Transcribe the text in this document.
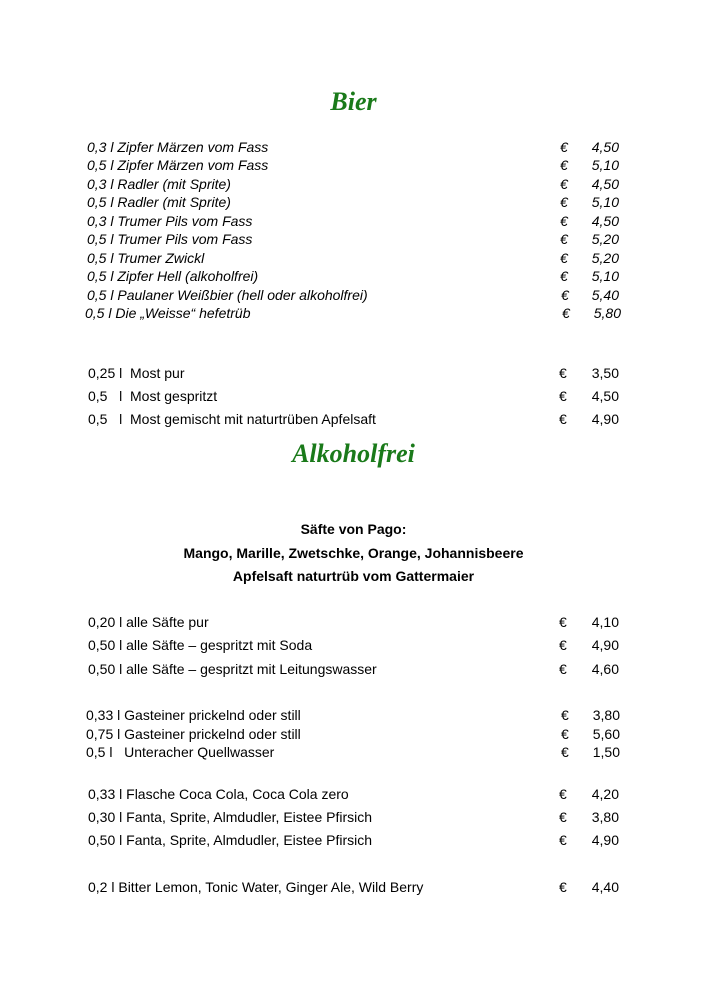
Bier
0,3 l Zipfer Märzen vom Fass	€ 4,50
0,5 l Zipfer Märzen vom Fass	€ 5,10
0,3 l Radler (mit Sprite)	€ 4,50
0,5 l Radler (mit Sprite)	€ 5,10
0,3 l Trumer Pils vom Fass	€ 4,50
0,5 l Trumer Pils vom Fass	€ 5,20
0,5 l Trumer Zwickl	€ 5,20
0,5 l Zipfer Hell (alkoholfrei)	€ 5,10
0,5 l Paulaner Weißbier (hell oder alkoholfrei)	€ 5,40
0,5 l Die „Weisse“ hefetrüb	€ 5,80
0,25 l  Most pur	€ 3,50
0,5   l  Most gespritzt	€ 4,50
0,5   l  Most gemischt mit naturtrüben Apfelsaft	€ 4,90
Alkoholfrei

Säfte von Pago:

Mango, Marille, Zwetschke, Orange, Johannisbeere

Apfelsaft naturtrüb vom Gattermaier

0,20 l alle Säfte pur	€ 4,10
0,50 l alle Säfte – gespritzt mit Soda	€ 4,90
0,50 l alle Säfte – gespritzt mit Leitungswasser	€ 4,60
0,33 l Gasteiner prickelnd oder still	€ 3,80
0,75 l Gasteiner prickelnd oder still	€ 5,60
0,5 l   Unteracher Quellwasser	€ 1,50
0,33 l Flasche Coca Cola, Coca Cola zero	€ 4,20
0,30 l Fanta, Sprite, Almdudler, Eistee Pfirsich	€ 3,80
0,50 l Fanta, Sprite, Almdudler, Eistee Pfirsich	€ 4,90
0,2 l Bitter Lemon, Tonic Water, Ginger Ale, Wild Berry	€ 4,40
